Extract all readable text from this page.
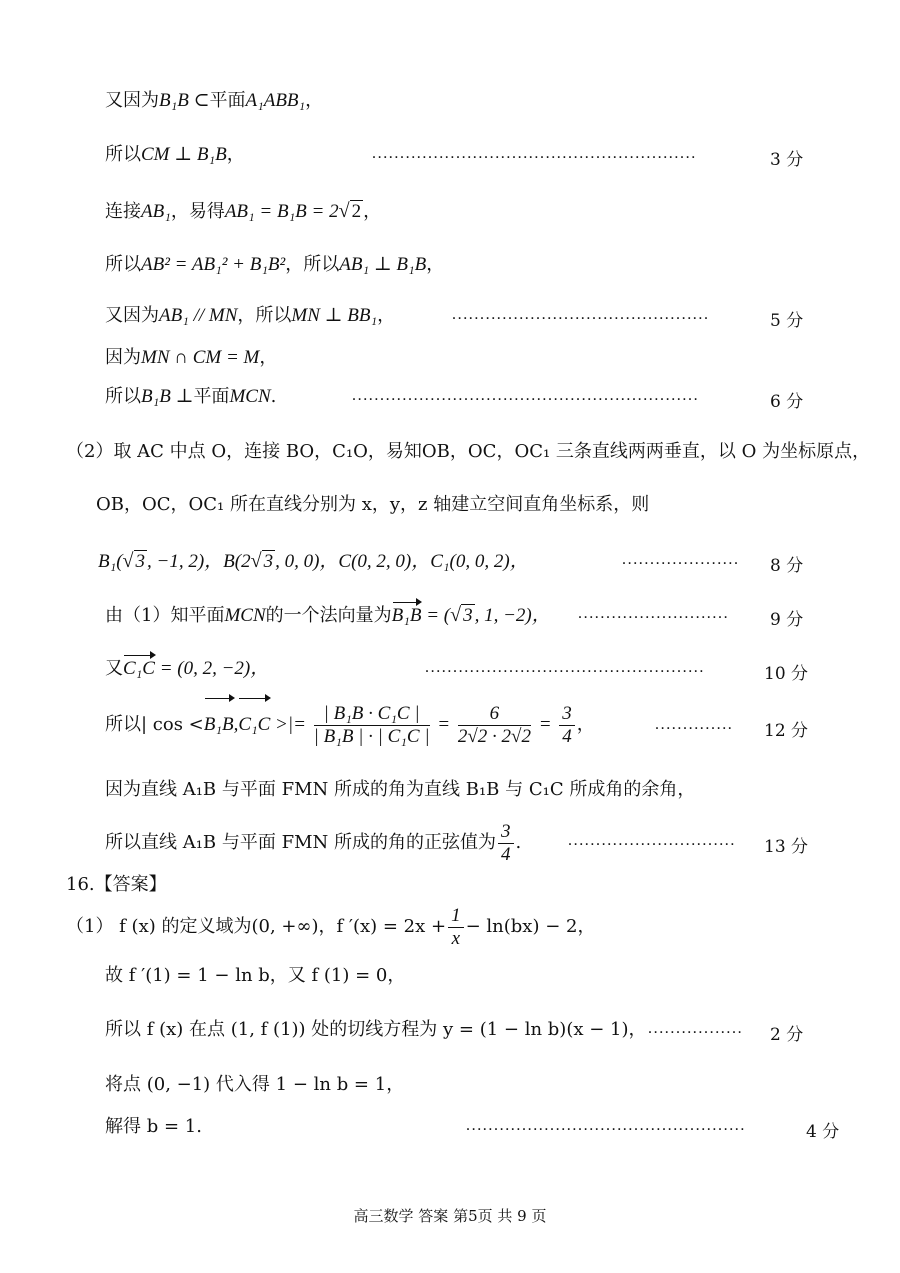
又因为B₁B ⊂平面A₁ABB₁，
所以CM ⊥ B₁B，	..........................................................	3 分
连接AB₁，易得AB₁ = B₁B = 2√ 2 ，
所以AB² = AB₁² + B₁B²，所以AB₁ ⊥ B₁B，
又因为AB₁ // MN，所以MN ⊥ BB₁，	..............................................	5 分
因为MN ∩ CM = M，
所以B₁B ⊥平面MCN.	..............................................................	6 分
（2）取 AC 中点 O，连接 BO，C₁O，易知OB，OC，OC₁ 三条直线两两垂直，以 O 为坐标原点，
OB，OC，OC₁ 所在直线分别为 x，y，z 轴建立空间直角坐标系，则
B₁(√ 3 , −1, 2)，B(2√ 3 , 0, 0)，C(0, 2, 0)，C₁(0, 0, 2)，	.....................	8 分
由（1）知平面MCN的一个法向量为B₁B = (√ 3 , 1, −2)， ...........................	9 分
又C₁C = (0, 2, −2)，	..................................................	10 分
所以| cos <B₁B,C₁C >|= $\frac{\text{| B₁B · C₁C |}}{\text{| B₁B | · | C₁C |}} = \frac{6}{2√2 \cdot 2√2} = \frac{3}{4}$ ，	..............	12 分
因为直线 A₁B 与平面 FMN 所成的角为直线 B₁B 与 C₁C 所成角的余角，
所以直线 A₁B 与平面 FMN 所成的角的正弦值为 $\frac{3}{4}$ .	..............................	13 分
16.【答案】
（1） f (x) 的定义域为(0, +∞)，f $'(x) = 2x + \frac{1}{x} - \ln(bx) - 2$，
故 f ′(1) = 1 − ln b，又 f (1) = 0，
所以 f (x) 在点 (1, f (1)) 处的切线方程为 y = (1 − ln b)(x − 1)， .................	2 分
将点 (0, −1) 代入得 1 − ln b = 1，
解得 b = 1.	..................................................	4 分
高三数学 答案 第5页 共 9 页
